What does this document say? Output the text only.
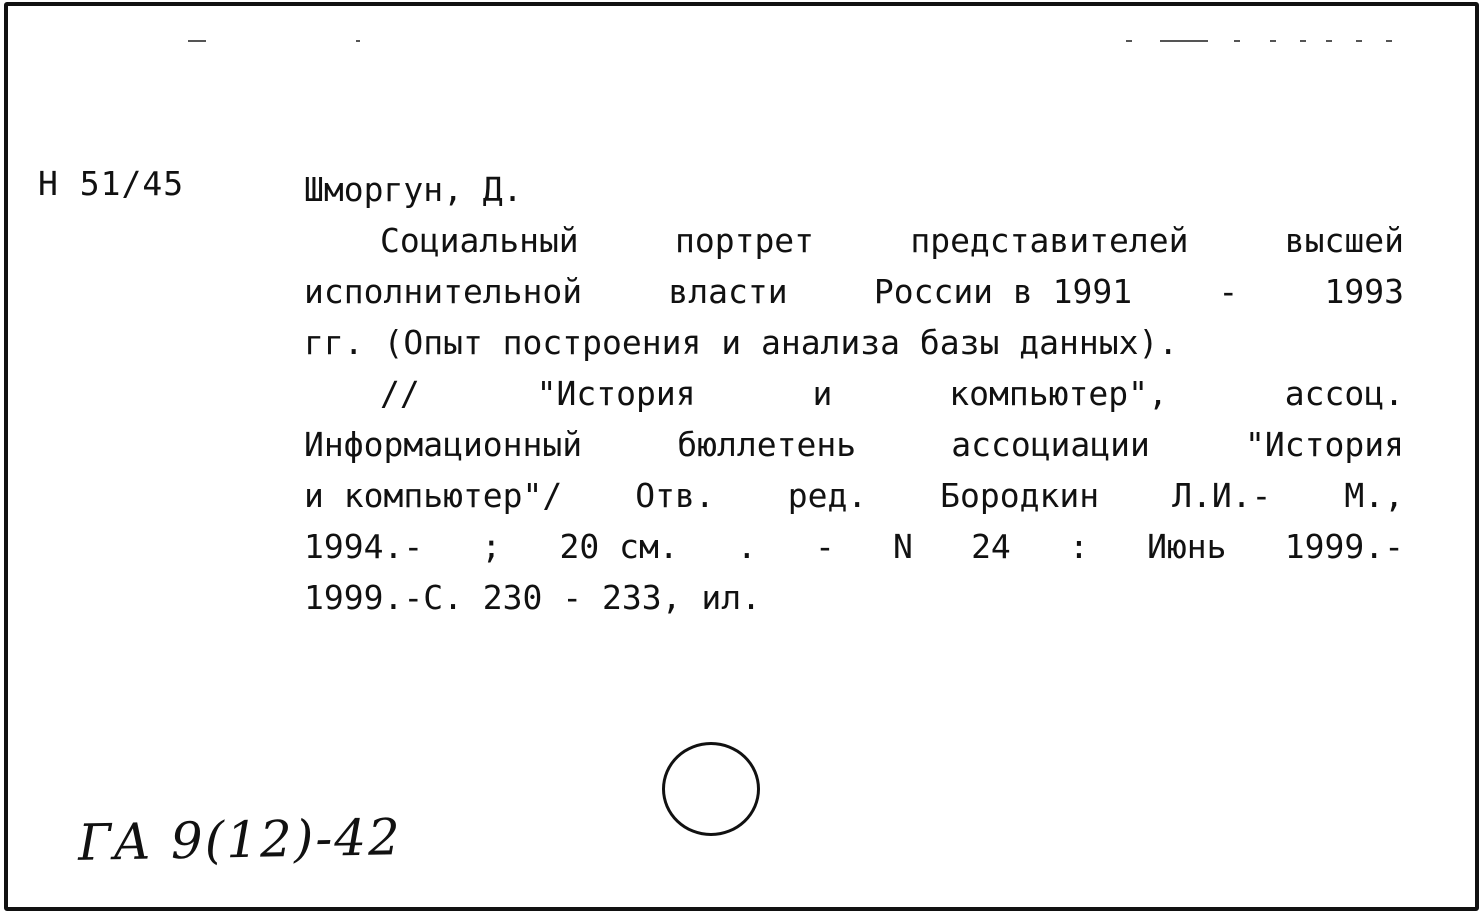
Н 51/45	Шморгун, Д.
Социальный	портрет	представителей	высшей
исполнительной	власти	России в 1991	-	1993
гг. (Опыт построения и анализа базы данных).
//	"История	и	компьютер",	ассоц.
Информационный	бюллетень	ассоциации	"История
и компьютер"/ Отв. ред. Бородкин Л.И.- М.,
1994.- ; 20 см. . - N 24 : Июнь 1999.-
1999.-С. 230 - 233, ил.
ГА 9(12)-42
